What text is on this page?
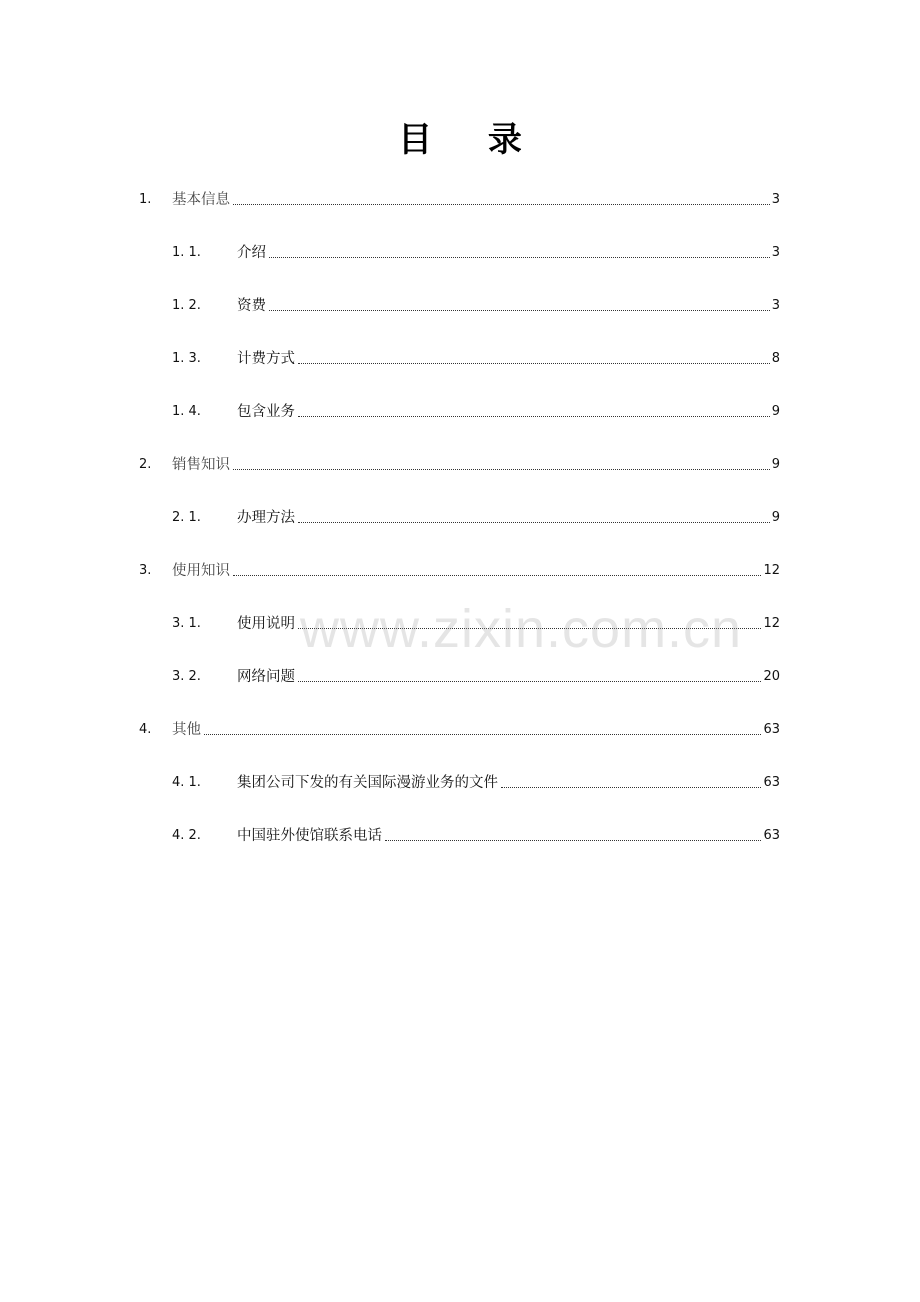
目 录
1. 基本信息	3
1. 1. 介绍	3
1. 2. 资费	3
1. 3. 计费方式	8
1. 4. 包含业务	9
2. 销售知识	9
2. 1. 办理方法	9
3. 使用知识	12
3. 1. 使用说明	12
3. 2. 网络问题	20
4. 其他	63
4. 1. 集团公司下发的有关国际漫游业务的文件	63
4. 2. 中国驻外使馆联系电话	63
www.zixin.com.cn
